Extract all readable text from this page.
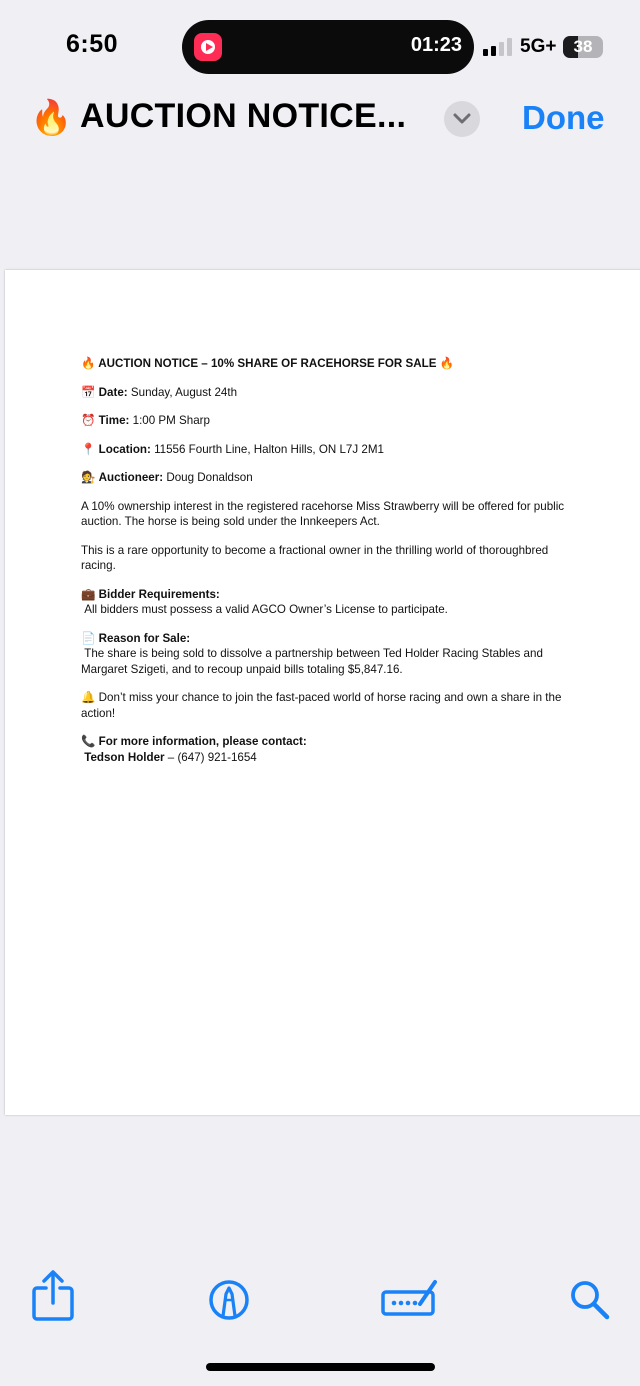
6:50	01:23	5G+	38
🔥 AUCTION NOTICE...	Done

🔥 AUCTION NOTICE – 10% SHARE OF RACEHORSE FOR SALE 🔥

📅 Date: Sunday, August 24th

⏰ Time: 1:00 PM Sharp

📍 Location: 11556 Fourth Line, Halton Hills, ON L7J 2M1

🧑‍⚖️ Auctioneer: Doug Donaldson

A 10% ownership interest in the registered racehorse Miss Strawberry will be offered for public auction. The horse is being sold under the Innkeepers Act.

This is a rare opportunity to become a fractional owner in the thrilling world of thoroughbred racing.

💼 Bidder Requirements:
All bidders must possess a valid AGCO Owner’s License to participate.

📄 Reason for Sale:
The share is being sold to dissolve a partnership between Ted Holder Racing Stables and Margaret Szigeti, and to recoup unpaid bills totaling $5,847.16.

🔔 Don’t miss your chance to join the fast-paced world of horse racing and own a share in the action!

📞 For more information, please contact:
Tedson Holder – (647) 921-1654
